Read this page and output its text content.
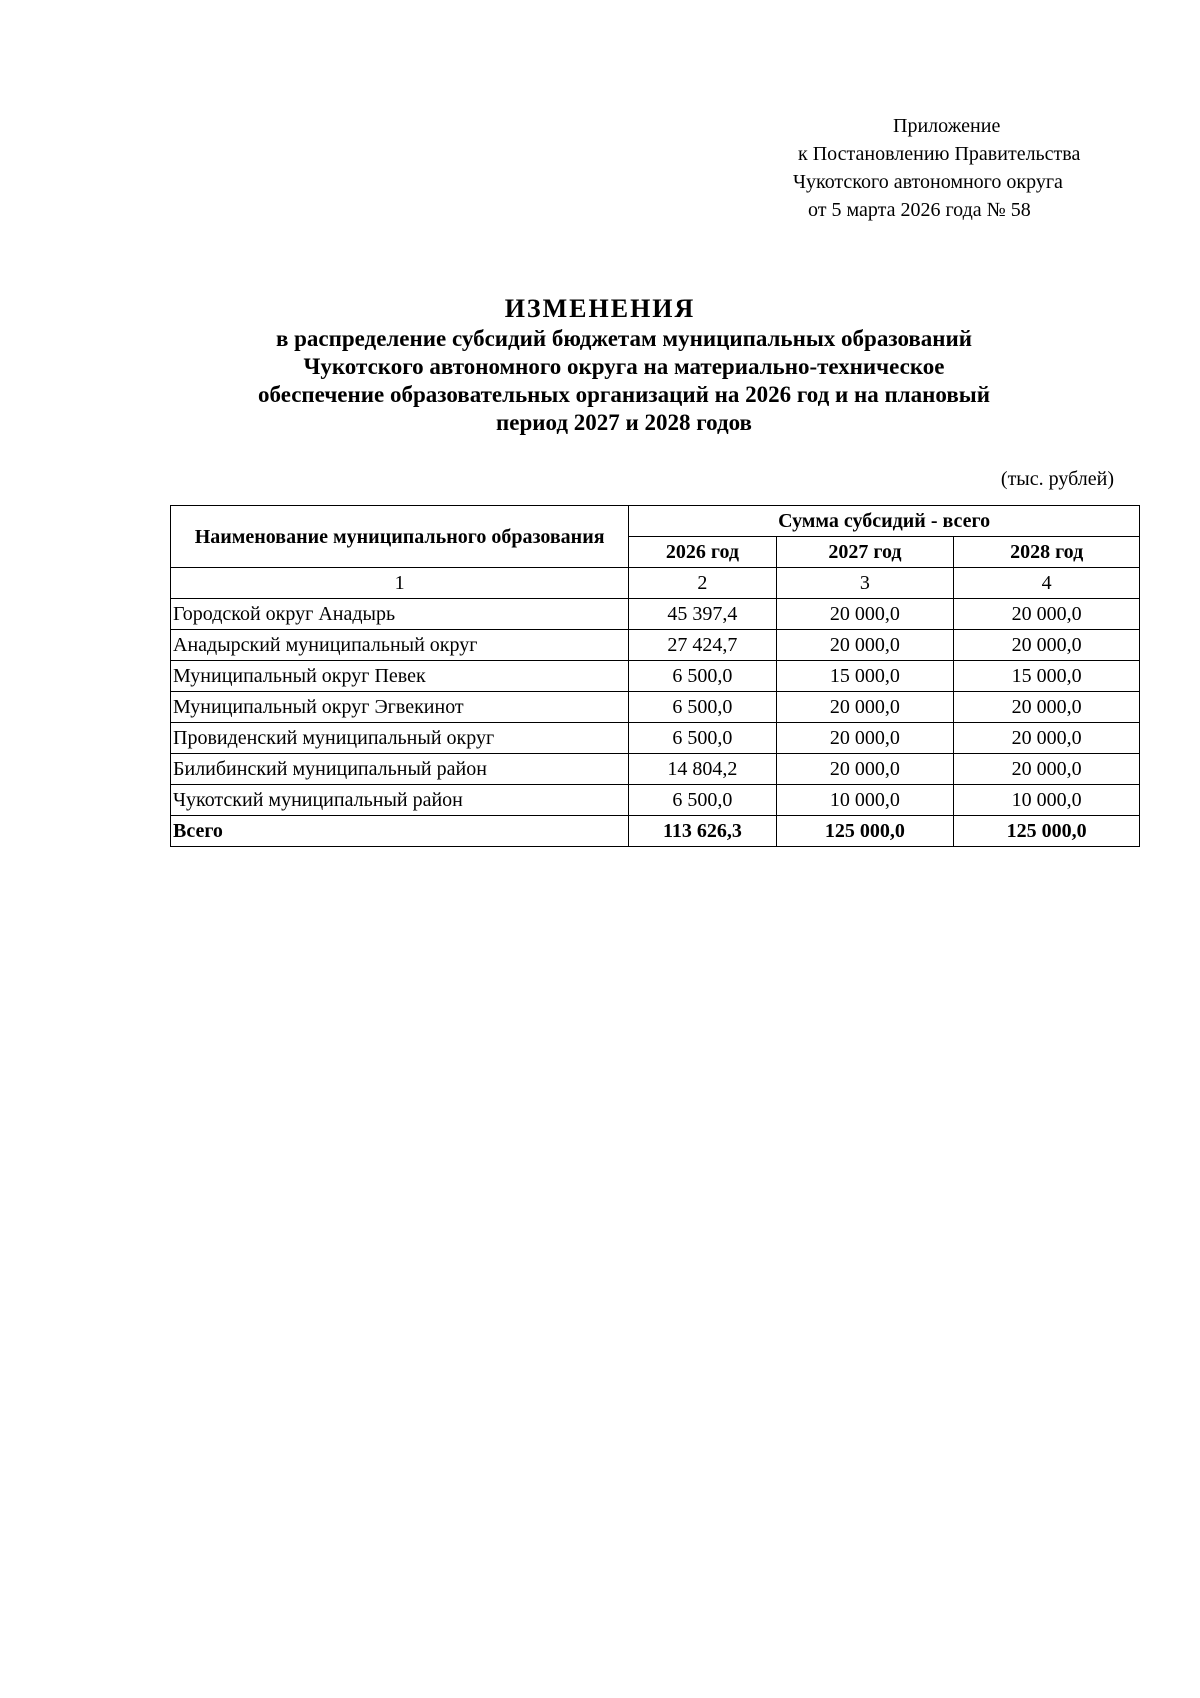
Приложение
к Постановлению Правительства
Чукотского автономного округа
от 5 марта 2026 года № 58
ИЗМЕНЕНИЯ
в распределение субсидий бюджетам муниципальных образований
Чукотского автономного округа на материально-техническое
обеспечение образовательных организаций на 2026 год и на плановый
период 2027 и 2028 годов
(тыс. рублей)
Наименование муниципального образования	Сумма субсидий - всего		
	2026 год	2027 год	2028 год
1	2	3	4
Городской округ Анадырь	45 397,4	20 000,0	20 000,0
Анадырский муниципальный округ	27 424,7	20 000,0	20 000,0
Муниципальный округ Певек	6 500,0	15 000,0	15 000,0
Муниципальный округ Эгвекинот	6 500,0	20 000,0	20 000,0
Провиденский муниципальный округ	6 500,0	20 000,0	20 000,0
Билибинский муниципальный район	14 804,2	20 000,0	20 000,0
Чукотский муниципальный район	6 500,0	10 000,0	10 000,0
Всего	113 626,3	125 000,0	125 000,0
